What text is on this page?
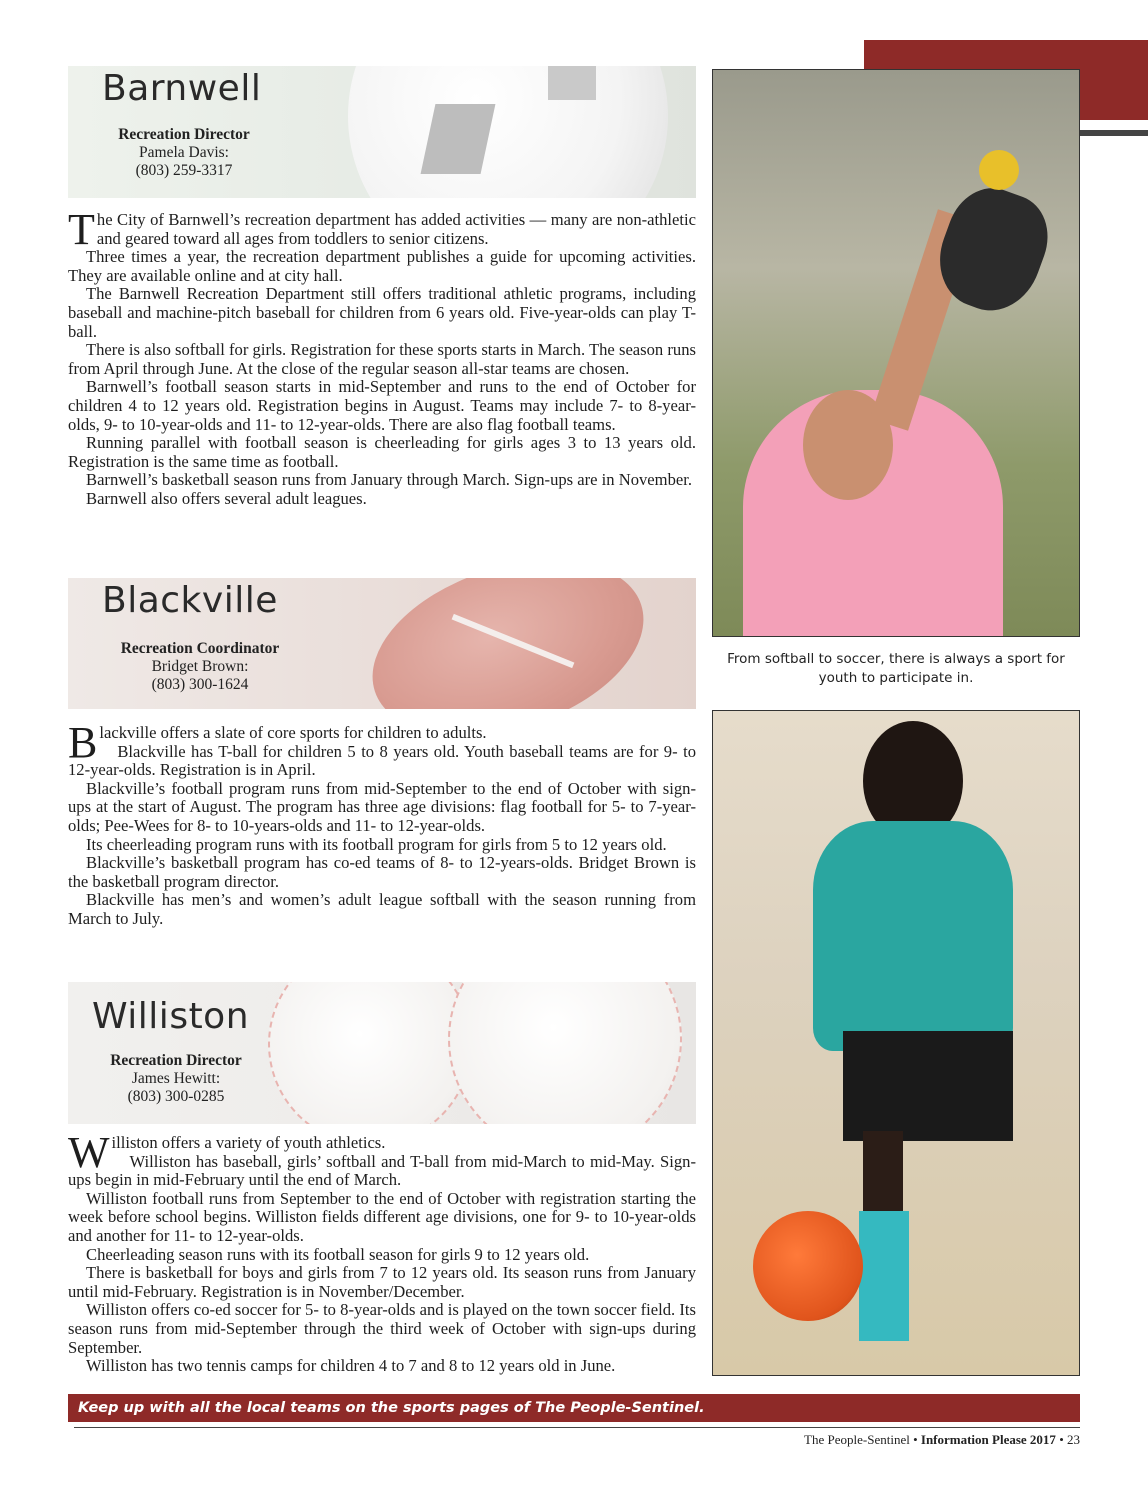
Barnwell
Recreation Director
Pamela Davis:
(803) 259-3317

The City of Barnwell’s recreation department has added activities — many are non-athletic and geared toward all ages from toddlers to senior citizens.

Three times a year, the recreation department publishes a guide for upcoming activities. They are available online and at city hall.

The Barnwell Recreation Department still offers traditional athletic programs, including baseball and machine-pitch baseball for children from 6 years old. Five-year-olds can play T-ball.

There is also softball for girls. Registration for these sports starts in March. The season runs from April through June. At the close of the regular season all-star teams are chosen.

Barnwell’s football season starts in mid-September and runs to the end of October for children 4 to 12 years old. Registration begins in August. Teams may include 7- to 8-year-olds, 9- to 10-year-olds and 11- to 12-year-olds. There are also flag football teams.

Running parallel with football season is cheerleading for girls ages 3 to 13 years old. Registration is the same time as football.

Barnwell’s basketball season runs from January through March. Sign-ups are in November.

Barnwell also offers several adult leagues.

Blackville
Recreation Coordinator
Bridget Brown:
(803) 300-1624

Blackville offers a slate of core sports for children to adults.

Blackville has T-ball for children 5 to 8 years old. Youth baseball teams are for 9- to 12-year-olds. Registration is in April.

Blackville’s football program runs from mid-September to the end of October with sign-ups at the start of August. The program has three age divisions: flag football for 5- to 7-year-olds; Pee-Wees for 8- to 10-years-olds and 11- to 12-year-olds.

Its cheerleading program runs with its football program for girls from 5 to 12 years old.

Blackville’s basketball program has co-ed teams of 8- to 12-years-olds. Bridget Brown is the basketball program director.

Blackville has men’s and women’s adult league softball with the season running from March to July.

Williston
Recreation Director
James Hewitt:
(803) 300-0285

Williston offers a variety of youth athletics.

Williston has baseball, girls’ softball and T-ball from mid-March to mid-May. Sign-ups begin in mid-February until the end of March.

Williston football runs from September to the end of October with registration starting the week before school begins. Williston fields different age divisions, one for 9- to 10-year-olds and another for 11- to 12-year-olds.

Cheerleading season runs with its football season for girls 9 to 12 years old.

There is basketball for boys and girls from 7 to 12 years old. Its season runs from January until mid-February. Registration is in November/December.

Williston offers co-ed soccer for 5- to 8-year-olds and is played on the town soccer field. Its season runs from mid-September through the third week of October with sign-ups during September.

Williston has two tennis camps for children 4 to 7 and 8 to 12 years old in June.

From softball to soccer, there is always a sport for youth to participate in.
Keep up with all the local teams on the sports pages of The People-Sentinel.
The People-Sentinel • Information Please 2017 • 23
